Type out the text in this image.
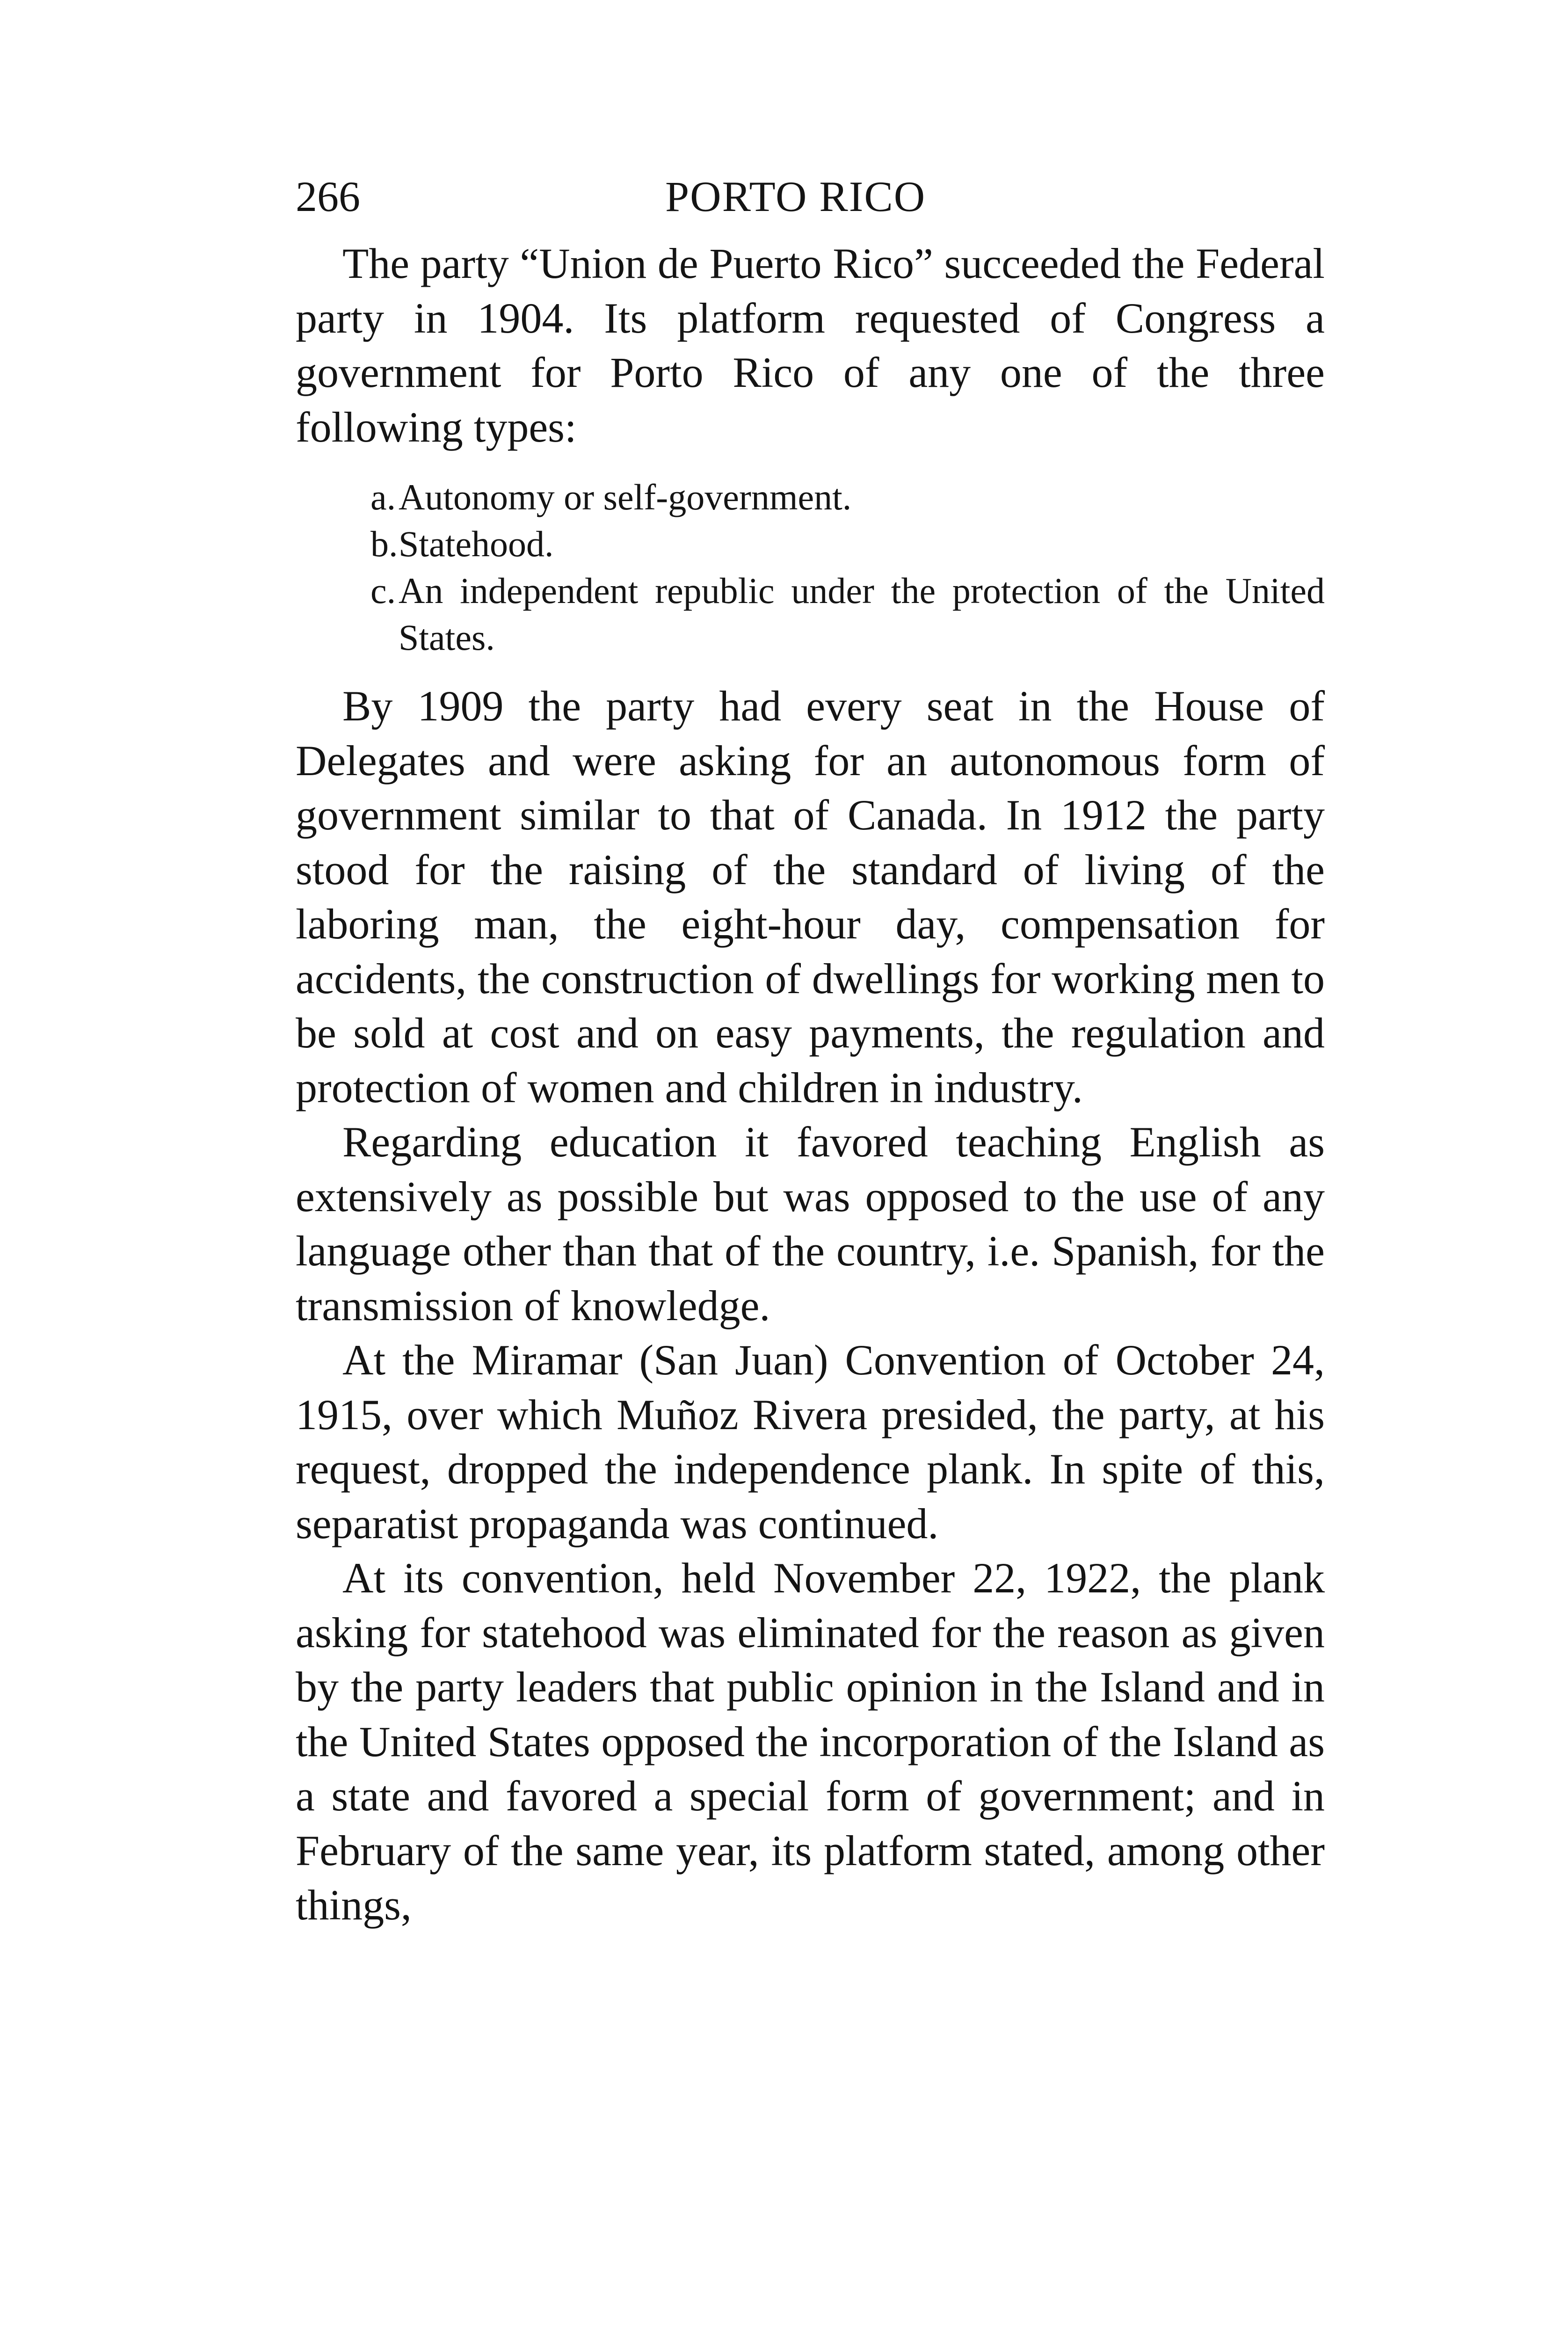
266	PORTO RICO

The party “Union de Puerto Rico” succeeded the Federal party in 1904. Its platform requested of Congress a government for Porto Rico of any one of the three following types:

a.Autonomy or self-government.
b.Statehood.
c.An independent republic under the protection of the United States.

By 1909 the party had every seat in the House of Delegates and were asking for an autonomous form of government similar to that of Canada. In 1912 the party stood for the raising of the standard of living of the laboring man, the eight-hour day, compensation for accidents, the construction of dwellings for working men to be sold at cost and on easy payments, the regulation and protection of women and children in industry.

Regarding education it favored teaching English as extensively as possible but was opposed to the use of any language other than that of the country, i.e. Spanish, for the transmission of knowledge.

At the Miramar (San Juan) Convention of October 24, 1915, over which Muñoz Rivera presided, the party, at his request, dropped the independence plank. In spite of this, separatist propaganda was continued.

At its convention, held November 22, 1922, the plank asking for statehood was eliminated for the reason as given by the party leaders that public opinion in the Island and in the United States opposed the incorporation of the Island as a state and favored a special form of government; and in February of the same year, its platform stated, among other things,
